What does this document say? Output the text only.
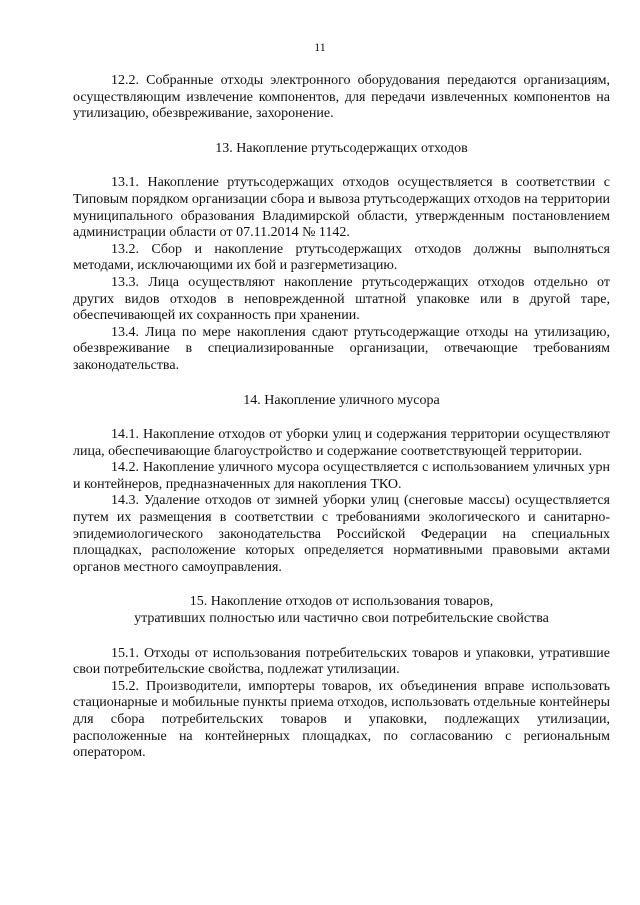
11

12.2. Собранные отходы электронного оборудования передаются организациям, осуществляющим извлечение компонентов, для передачи извлеченных компонентов на утилизацию, обезвреживание, захоронение.

13. Накопление ртутьсодержащих отходов

13.1. Накопление ртутьсодержащих отходов осуществляется в соответствии с Типовым порядком организации сбора и вывоза ртутьсодержащих отходов на территории муниципального образования Владимирской области, утвержденным постановлением администрации области от 07.11.2014 № 1142.

13.2. Сбор и накопление ртутьсодержащих отходов должны выполняться методами, исключающими их бой и разгерметизацию.

13.3. Лица осуществляют накопление ртутьсодержащих отходов отдельно от других видов отходов в неповрежденной штатной упаковке или в другой таре, обеспечивающей их сохранность при хранении.

13.4. Лица по мере накопления сдают ртутьсодержащие отходы на утилизацию, обезвреживание в специализированные организации, отвечающие требованиям законодательства.

14. Накопление уличного мусора

14.1. Накопление отходов от уборки улиц и содержания территории осуществляют лица, обеспечивающие благоустройство и содержание соответствующей территории.

14.2. Накопление уличного мусора осуществляется с использованием уличных урн и контейнеров, предназначенных для накопления ТКО.

14.3. Удаление отходов от зимней уборки улиц (снеговые массы) осуществляется путем их размещения в соответствии с требованиями экологического и санитарно-эпидемиологического законодательства Российской Федерации на специальных площадках, расположение которых определяется нормативными правовыми актами органов местного самоуправления.

15. Накопление отходов от использования товаров,

утративших полностью или частично свои потребительские свойства

15.1. Отходы от использования потребительских товаров и упаковки, утратившие свои потребительские свойства, подлежат утилизации.

15.2. Производители, импортеры товаров, их объединения вправе использовать стационарные и мобильные пункты приема отходов, использовать отдельные контейнеры для сбора потребительских товаров и упаковки, подлежащих утилизации, расположенные на контейнерных площадках, по согласованию с региональным оператором.
